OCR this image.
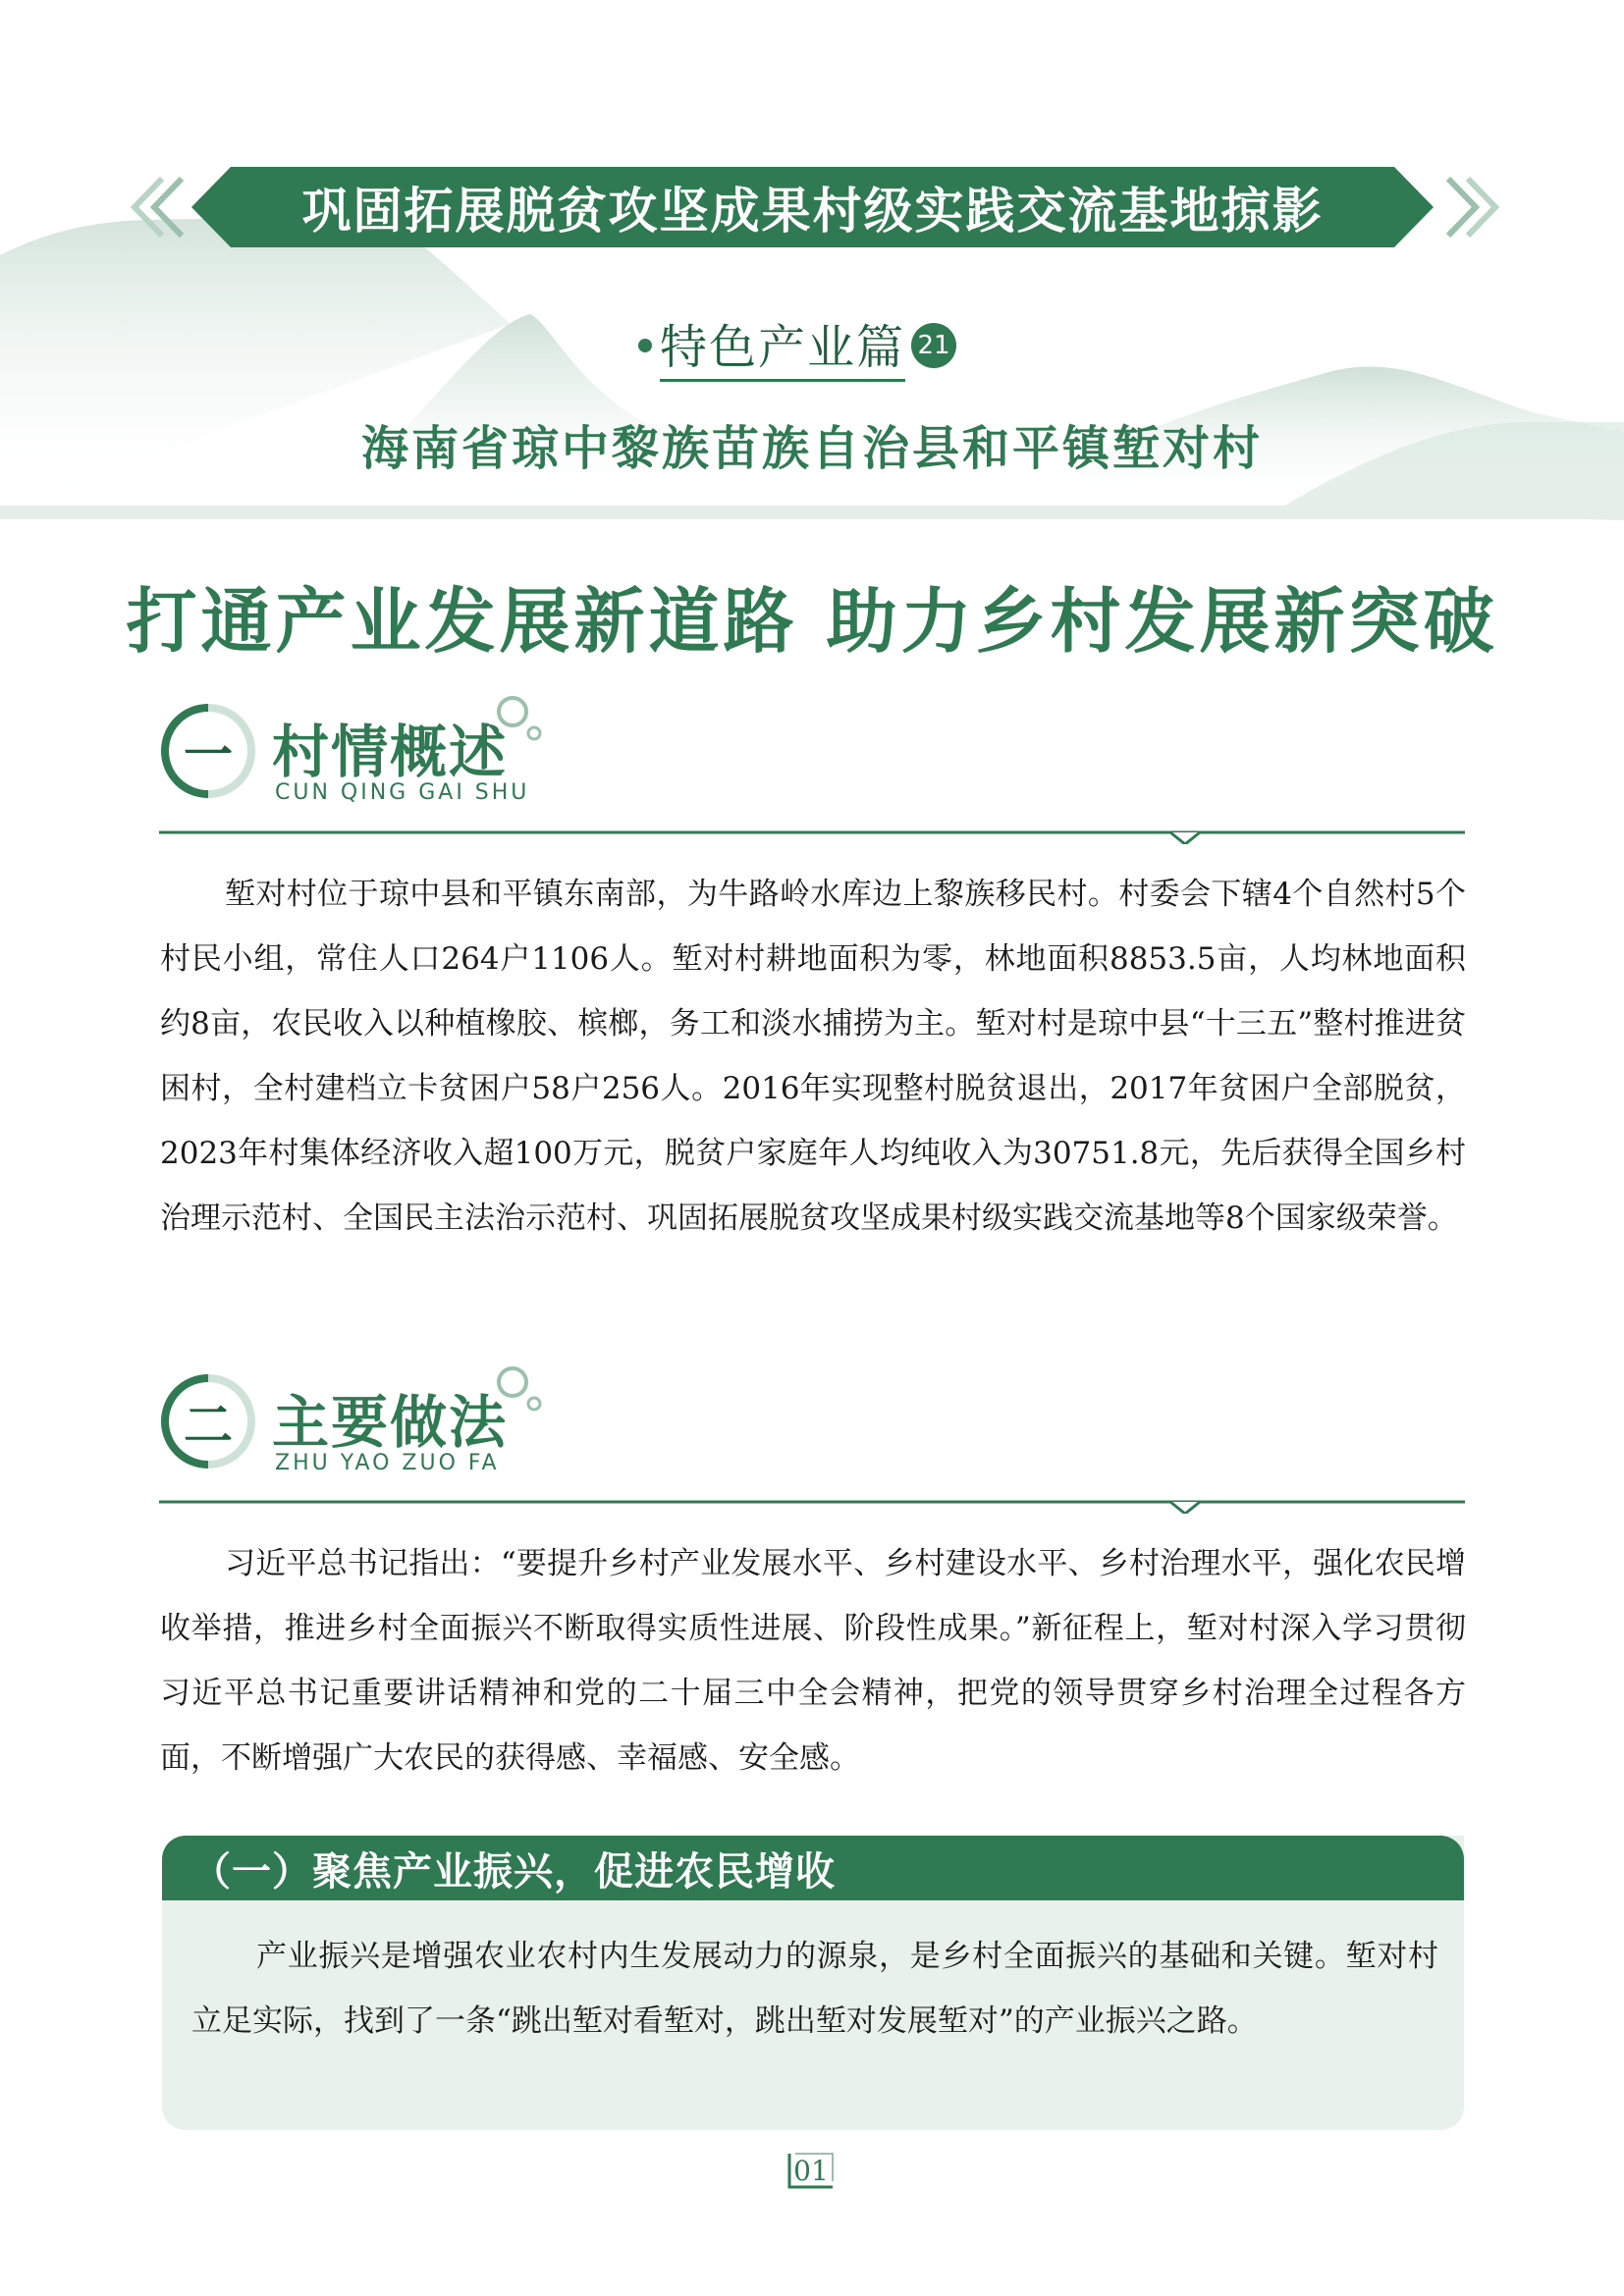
巩固拓展脱贫攻坚成果村级实践交流基地掠影
特色产业篇 21
海南省琼中黎族苗族自治县和平镇堑对村
打通产业发展新道路 助力乡村发展新突破
一 村情概述
CUN QING GAI SHU
堑对村位于琼中县和平镇东南部，为牛路岭水库边上黎族移民村。村委会下辖4个自然村5个村民小组，常住人口264户1106人。堑对村耕地面积为零，林地面积8853.5亩，人均林地面积约8亩，农民收入以种植橡胶、槟榔，务工和淡水捕捞为主。堑对村是琼中县“十三五”整村推进贫困村，全村建档立卡贫困户58户256人。2016年实现整村脱贫退出，2017年贫困户全部脱贫，2023年村集体经济收入超100万元，脱贫户家庭年人均纯收入为30751.8元，先后获得全国乡村治理示范村、全国民主法治示范村、巩固拓展脱贫攻坚成果村级实践交流基地等8个国家级荣誉。
二 主要做法
ZHU YAO ZUO FA
习近平总书记指出：“要提升乡村产业发展水平、乡村建设水平、乡村治理水平，强化农民增收举措，推进乡村全面振兴不断取得实质性进展、阶段性成果。”新征程上，堑对村深入学习贯彻习近平总书记重要讲话精神和党的二十届三中全会精神，把党的领导贯穿乡村治理全过程各方面，不断增强广大农民的获得感、幸福感、安全感。
（一）聚焦产业振兴，促进农民增收
产业振兴是增强农业农村内生发展动力的源泉，是乡村全面振兴的基础和关键。堑对村立足实际，找到了一条“跳出堑对看堑对，跳出堑对发展堑对”的产业振兴之路。
01
